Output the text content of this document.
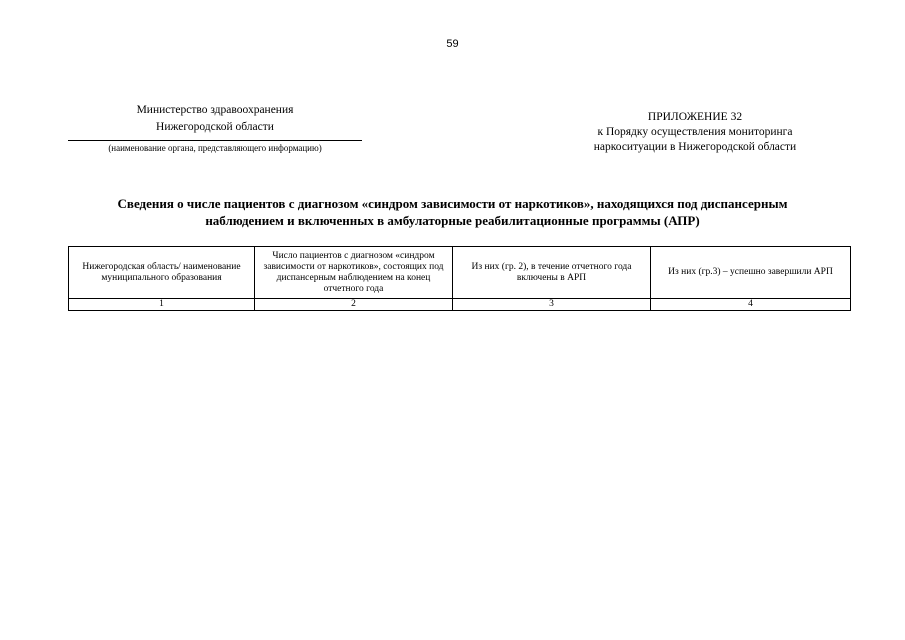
59
Министерство здравоохранения
Нижегородской области
(наименование органа, представляющего информацию)
ПРИЛОЖЕНИЕ 32
к Порядку осуществления мониторинга
наркоситуации в Нижегородской области
Сведения о числе пациентов с диагнозом «синдром зависимости от наркотиков», находящихся под диспансерным
наблюдением и включенных в амбулаторные реабилитационные программы (АПР)
Нижегородская область/ наименование муниципального образования	Число пациентов с диагнозом «синдром зависимости от наркотиков», состоящих под диспансерным наблюдением на конец отчетного года	Из них (гр. 2), в течение отчетного года включены в АРП	Из них (гр.3) – успешно завершили АРП
1	2	3	4
